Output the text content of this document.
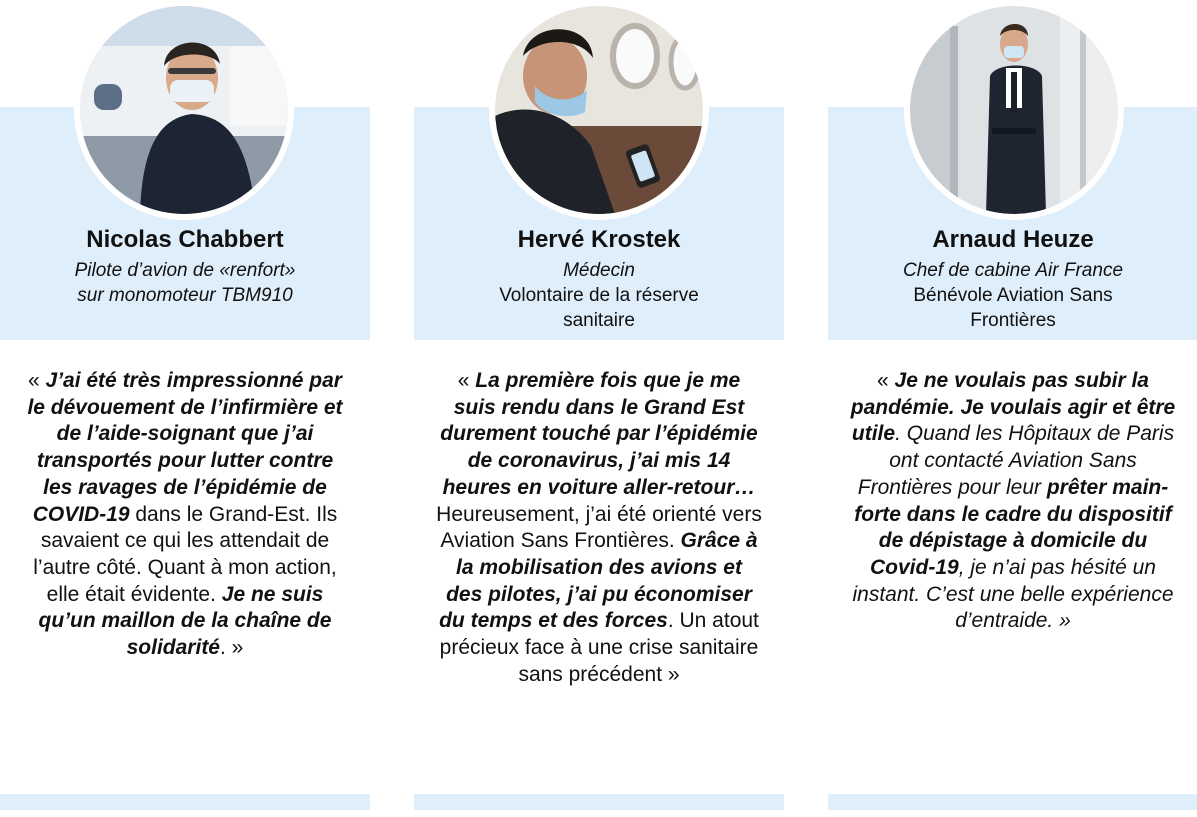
Nicolas Chabbert
Pilote d’avion de «renfort»
sur monomoteur TBM910
« J’ai été très impressionné par le dévouement de l’infirmière et de l’aide-soignant que j’ai transportés pour lutter contre les ravages de l’épidémie de COVID-19 dans le Grand-Est. Ils savaient ce qui les attendait de l’autre côté. Quant à mon action, elle était évidente. Je ne suis qu’un maillon de la chaîne de solidarité. »
Hervé Krostek
Médecin
Volontaire de la réserve sanitaire
« La première fois que je me suis rendu dans le Grand Est durement touché par l’épidémie de coronavirus, j’ai mis 14 heures en voiture aller-retour… Heureusement, j’ai été orienté vers Aviation Sans Frontières. Grâce à la mobilisation des avions et des pilotes, j’ai pu économiser du temps et des forces. Un atout précieux face à une crise sanitaire sans précédent »
Arnaud Heuze
Chef de cabine Air France
Bénévole Aviation Sans Frontières
« Je ne voulais pas subir la pandémie. Je voulais agir et être utile. Quand les Hôpitaux de Paris ont contacté Aviation Sans Frontières pour leur prêter main-forte dans le cadre du dispositif de dépistage à domicile du Covid-19, je n’ai pas hésité un instant. C’est une belle expérience d’entraide. »
